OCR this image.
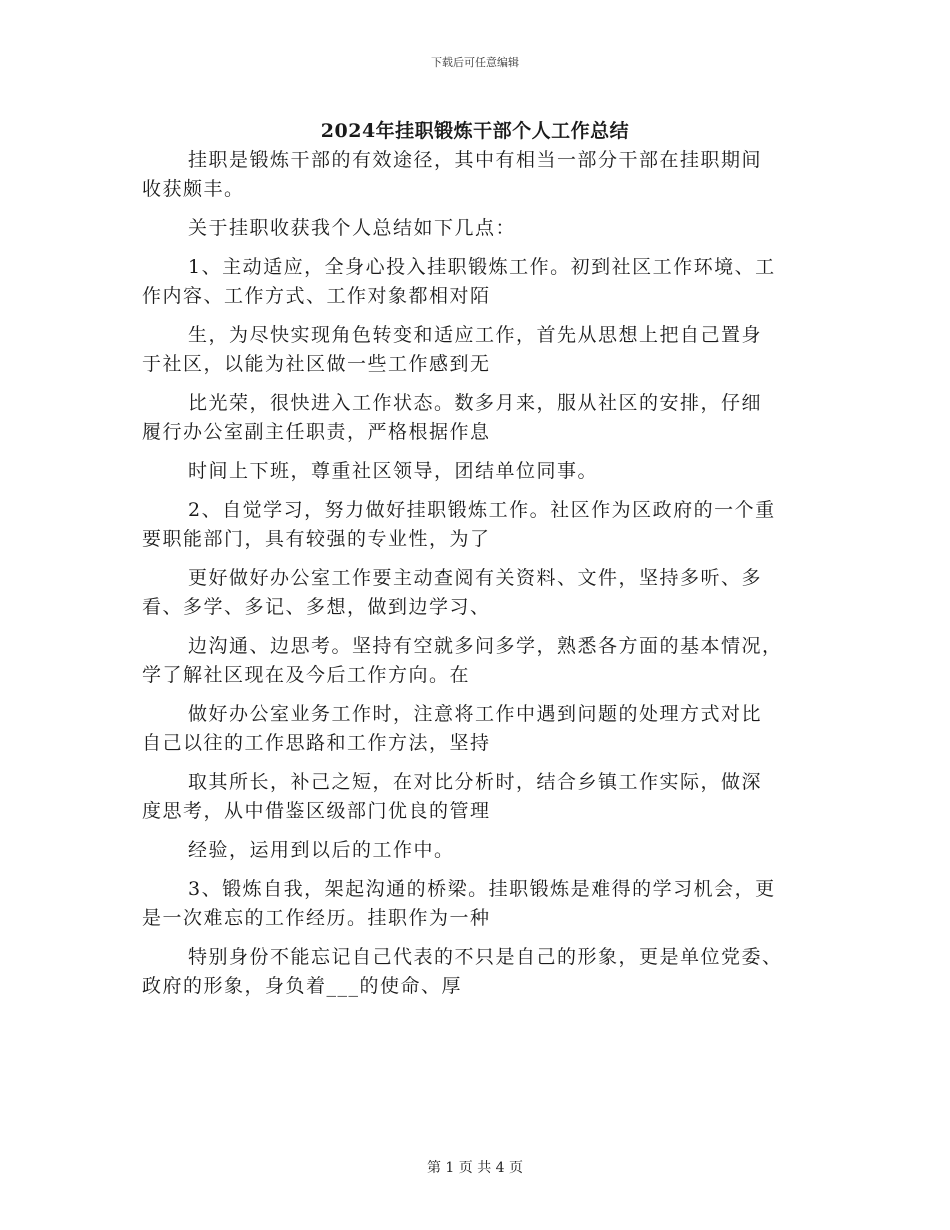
下载后可任意编辑
2024年挂职锻炼干部个人工作总结

挂职是锻炼干部的有效途径，其中有相当一部分干部在挂职期间
收获颇丰。

关于挂职收获我个人总结如下几点：

1、主动适应，全身心投入挂职锻炼工作。初到社区工作环境、工
作内容、工作方式、工作对象都相对陌

生，为尽快实现角色转变和适应工作，首先从思想上把自己置身
于社区，以能为社区做一些工作感到无

比光荣，很快进入工作状态。数多月来，服从社区的安排，仔细
履行办公室副主任职责，严格根据作息

时间上下班，尊重社区领导，团结单位同事。

2、自觉学习，努力做好挂职锻炼工作。社区作为区政府的一个重
要职能部门，具有较强的专业性，为了

更好做好办公室工作要主动查阅有关资料、文件，坚持多听、多
看、多学、多记、多想，做到边学习、

边沟通、边思考。坚持有空就多问多学，熟悉各方面的基本情况，
学了解社区现在及今后工作方向。在

做好办公室业务工作时，注意将工作中遇到问题的处理方式对比
自己以往的工作思路和工作方法，坚持

取其所长，补己之短，在对比分析时，结合乡镇工作实际，做深
度思考，从中借鉴区级部门优良的管理

经验，运用到以后的工作中。

3、锻炼自我，架起沟通的桥梁。挂职锻炼是难得的学习机会，更
是一次难忘的工作经历。挂职作为一种

特别身份不能忘记自己代表的不只是自己的形象，更是单位党委、
政府的形象，身负着___的使命、厚

第 1 页 共 4 页
